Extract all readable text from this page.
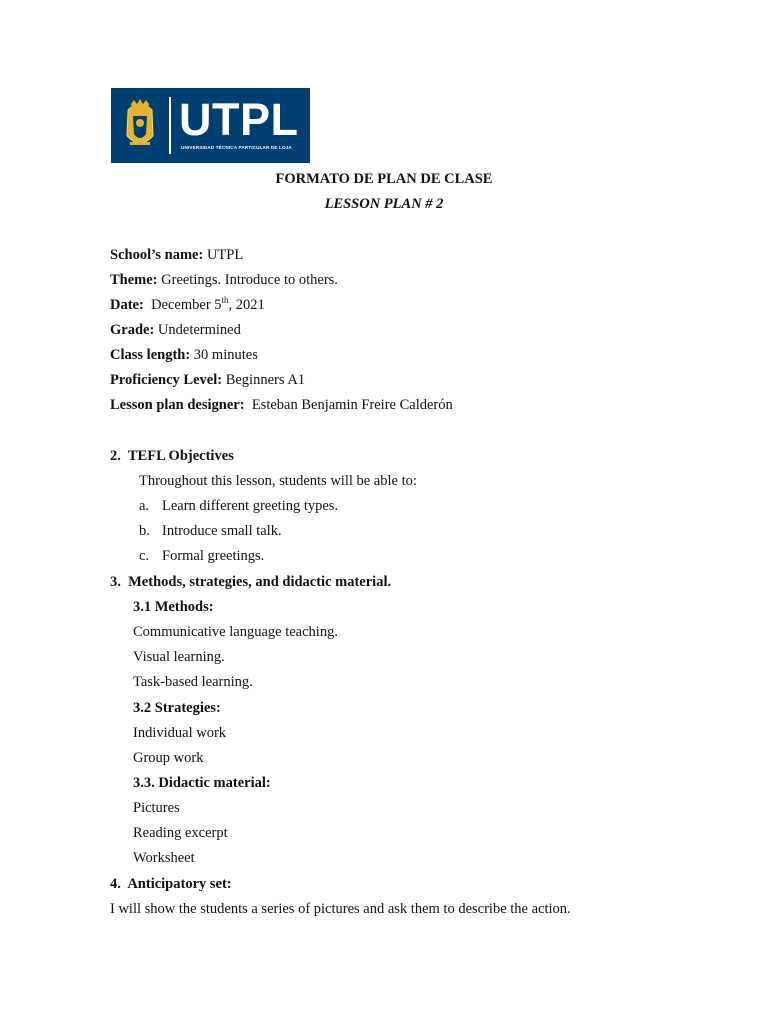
UTPL
UNIVERSIDAD TÉCNICA PARTICULAR DE LOJA
FORMATO DE PLAN DE CLASE
LESSON PLAN # 2
School’s name: UTPL
Theme: Greetings. Introduce to others.
Date:  December 5th, 2021
Grade: Undetermined
Class length: 30 minutes
Proficiency Level: Beginners A1
Lesson plan designer:  Esteban Benjamin Freire Calderón
2.  TEFL Objectives
Throughout this lesson, students will be able to:
a. Learn different greeting types.
b. Introduce small talk.
c. Formal greetings.
3.  Methods, strategies, and didactic material.
3.1 Methods:
Communicative language teaching.
Visual learning.
Task-based learning.
3.2 Strategies:
Individual work
Group work
3.3. Didactic material:
Pictures
Reading excerpt
Worksheet
4.  Anticipatory set:
I will show the students a series of pictures and ask them to describe the action.
